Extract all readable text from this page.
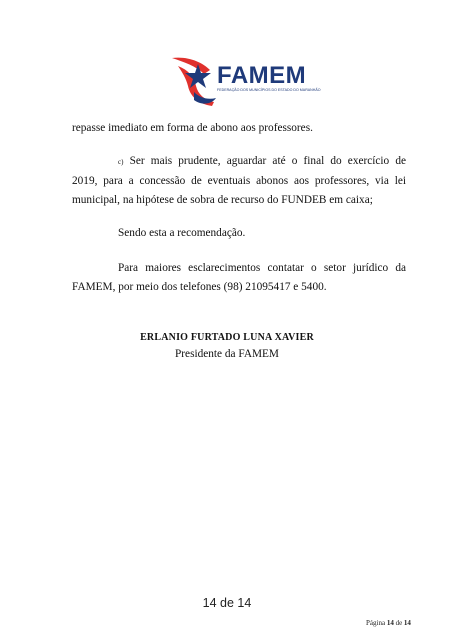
FAMEM
FEDERAÇÃO DOS MUNICÍPIOS DO ESTADO DO MARANHÃO
repasse imediato em forma de abono aos professores.
c) Ser mais prudente, aguardar até o final do exercício de
2019, para a concessão de eventuais abonos aos professores, via lei
municipal, na hipótese de sobra de recurso do FUNDEB em caixa;
Sendo esta a recomendação.
Para maiores esclarecimentos contatar o setor jurídico da
FAMEM, por meio dos telefones (98) 21095417 e 5400.
ERLANIO FURTADO LUNA XAVIER
Presidente da FAMEM
14 de 14
Página 14 de 14
